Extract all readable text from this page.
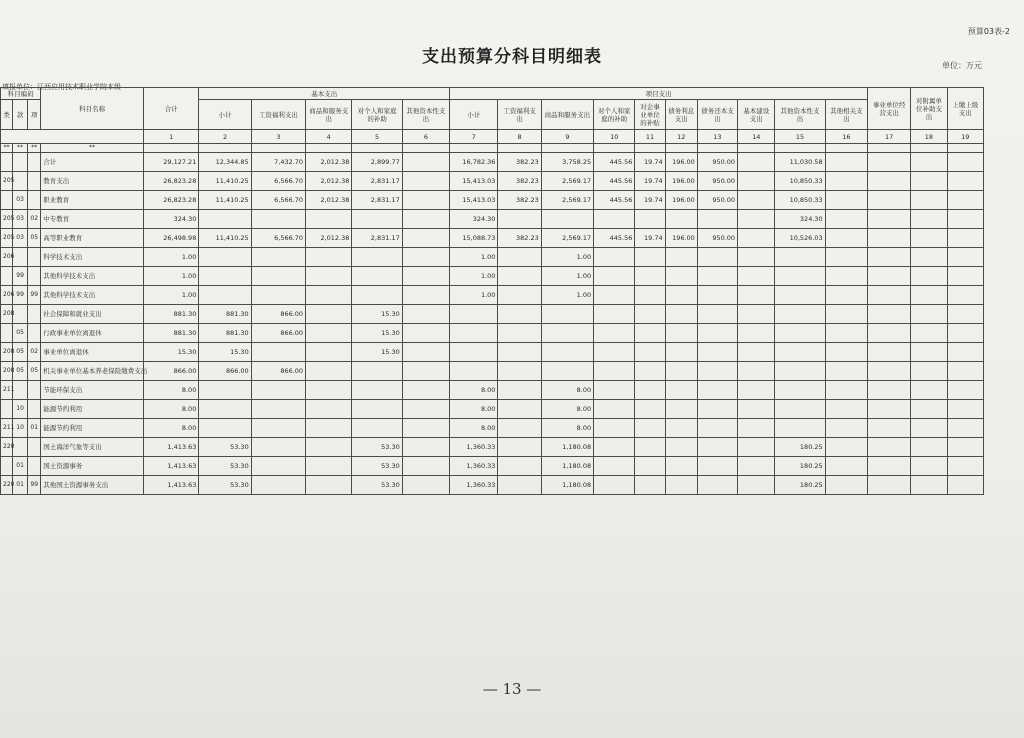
预算03表-2
支出预算分科目明细表	单位：万元
填报单位：江西应用技术职业学院本级
科目编码			科目名称	合计	基本支出					项目支出										事业单位经营支出	对附属单位补助支出	上缴上级支出
类	款	项			小计	工资福利支出	商品和服务支出	对个人和家庭的补助	其他资本性支出	小计	工资福利支出	商品和服务支出	对个人和家庭的补助	对企事业单位的补贴	债务利息支出	债务还本支出	基本建设支出	其他资本性支出	其他相关支出			
				1	2	3	4	5	6	7	8	9	10	11	12	13	14	15	16	17	18	19
**	**	**	**																			
			合计	29,127.21	12,344.85	7,432.70	2,012.38	2,899.77		16,782.36	382.23	3,758.25	445.56	19.74	196.00	950.00		11,030.58				
205			教育支出	26,823.28	11,410.25	6,566.70	2,012.38	2,831.17		15,413.03	382.23	2,569.17	445.56	19.74	196.00	950.00		10,850.33				
	03		职业教育	26,823.28	11,410.25	6,566.70	2,012.38	2,831.17		15,413.03	382.23	2,569.17	445.56	19.74	196.00	950.00		10,850.33				
205	03	02	中专教育	324.30						324.30								324.30				
205	03	05	高等职业教育	26,498.98	11,410.25	6,566.70	2,012.38	2,831.17		15,088.73	382.23	2,569.17	445.56	19.74	196.00	950.00		10,526.03				
206			科学技术支出	1.00						1.00		1.00										
	99		其他科学技术支出	1.00						1.00		1.00										
206	99	99	其他科学技术支出	1.00						1.00		1.00										
208			社会保障和就业支出	881.30	881.30	866.00		15.30														
	05		行政事业单位离退休	881.30	881.30	866.00		15.30														
208	05	02	事业单位离退休	15.30	15.30			15.30														
208	05	05	机关事业单位基本养老保险缴费支出	866.00	866.00	866.00																
211			节能环保支出	8.00						8.00		8.00										
	10		能源节约利用	8.00						8.00		8.00										
211	10	01	能源节约利用	8.00						8.00		8.00										
220			国土海洋气象等支出	1,413.63	53.30			53.30		1,360.33		1,180.08						180.25				
	01		国土资源事务	1,413.63	53.30			53.30		1,360.33		1,180.08						180.25				
220	01	99	其他国土资源事务支出	1,413.63	53.30			53.30		1,360.33		1,180.08						180.25				
— 13 —
